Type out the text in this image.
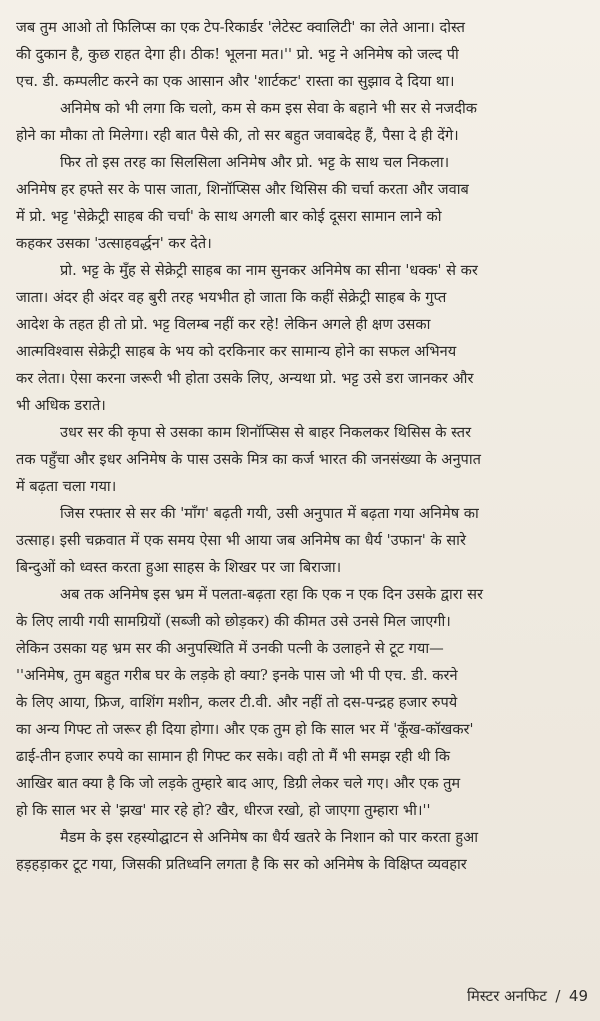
जब तुम आओ तो फिलिप्स का एक टेप-रिकार्डर 'लेटेस्ट क्वालिटी' का लेते आना। दोस्त
की दुकान है, कुछ राहत देगा ही। ठीक! भूलना मत।'' प्रो. भट्ट ने अनिमेष को जल्द पी
एच. डी. कम्पलीट करने का एक आसान और 'शार्टकट' रास्ता का सुझाव दे दिया था।
अनिमेष को भी लगा कि चलो, कम से कम इस सेवा के बहाने भी सर से नजदीक
होने का मौका तो मिलेगा। रही बात पैसे की, तो सर बहुत जवाबदेह हैं, पैसा दे ही देंगे।
फिर तो इस तरह का सिलसिला अनिमेष और प्रो. भट्ट के साथ चल निकला।
अनिमेष हर हफ्ते सर के पास जाता, शिनॉप्सिस और थिसिस की चर्चा करता और जवाब
में प्रो. भट्ट 'सेक्रेट्री साहब की चर्चा' के साथ अगली बार कोई दूसरा सामान लाने को
कहकर उसका 'उत्साहवर्द्धन' कर देते।
प्रो. भट्ट के मुँह से सेक्रेट्री साहब का नाम सुनकर अनिमेष का सीना 'धक्क' से कर
जाता। अंदर ही अंदर वह बुरी तरह भयभीत हो जाता कि कहीं सेक्रेट्री साहब के गुप्त
आदेश के तहत ही तो प्रो. भट्ट विलम्ब नहीं कर रहे! लेकिन अगले ही क्षण उसका
आत्मविश्वास सेक्रेट्री साहब के भय को दरकिनार कर सामान्य होने का सफल अभिनय
कर लेता। ऐसा करना जरूरी भी होता उसके लिए, अन्यथा प्रो. भट्ट उसे डरा जानकर और
भी अधिक डराते।
उधर सर की कृपा से उसका काम शिनॉप्सिस से बाहर निकलकर थिसिस के स्तर
तक पहुँचा और इधर अनिमेष के पास उसके मित्र का कर्ज भारत की जनसंख्या के अनुपात
में बढ़ता चला गया।
जिस रफ्तार से सर की 'माँग' बढ़ती गयी, उसी अनुपात में बढ़ता गया अनिमेष का
उत्साह। इसी चक्रवात में एक समय ऐसा भी आया जब अनिमेष का धैर्य 'उफान' के सारे
बिन्दुओं को ध्वस्त करता हुआ साहस के शिखर पर जा बिराजा।
अब तक अनिमेष इस भ्रम में पलता-बढ़ता रहा कि एक न एक दिन उसके द्वारा सर
के लिए लायी गयी सामग्रियों (सब्जी को छोड़कर) की कीमत उसे उनसे मिल जाएगी।
लेकिन उसका यह भ्रम सर की अनुपस्थिति में उनकी पत्नी के उलाहने से टूट गया—
''अनिमेष, तुम बहुत गरीब घर के लड़के हो क्या? इनके पास जो भी पी एच. डी. करने
के लिए आया, फ्रिज, वाशिंग मशीन, कलर टी.वी. और नहीं तो दस-पन्द्रह हजार रुपये
का अन्य गिफ्ट तो जरूर ही दिया होगा। और एक तुम हो कि साल भर में 'कूँख-कॉखकर'
ढाई-तीन हजार रुपये का सामान ही गिफ्ट कर सके। वही तो मैं भी समझ रही थी कि
आखिर बात क्या है कि जो लड़के तुम्हारे बाद आए, डिग्री लेकर चले गए। और एक तुम
हो कि साल भर से 'झख' मार रहे हो? खैर, धीरज रखो, हो जाएगा तुम्हारा भी।''
मैडम के इस रहस्योद्घाटन से अनिमेष का धैर्य खतरे के निशान को पार करता हुआ
हड़हड़ाकर टूट गया, जिसकी प्रतिध्वनि लगता है कि सर को अनिमेष के विक्षिप्त व्यवहार
मिस्टर अनफिट / 49
